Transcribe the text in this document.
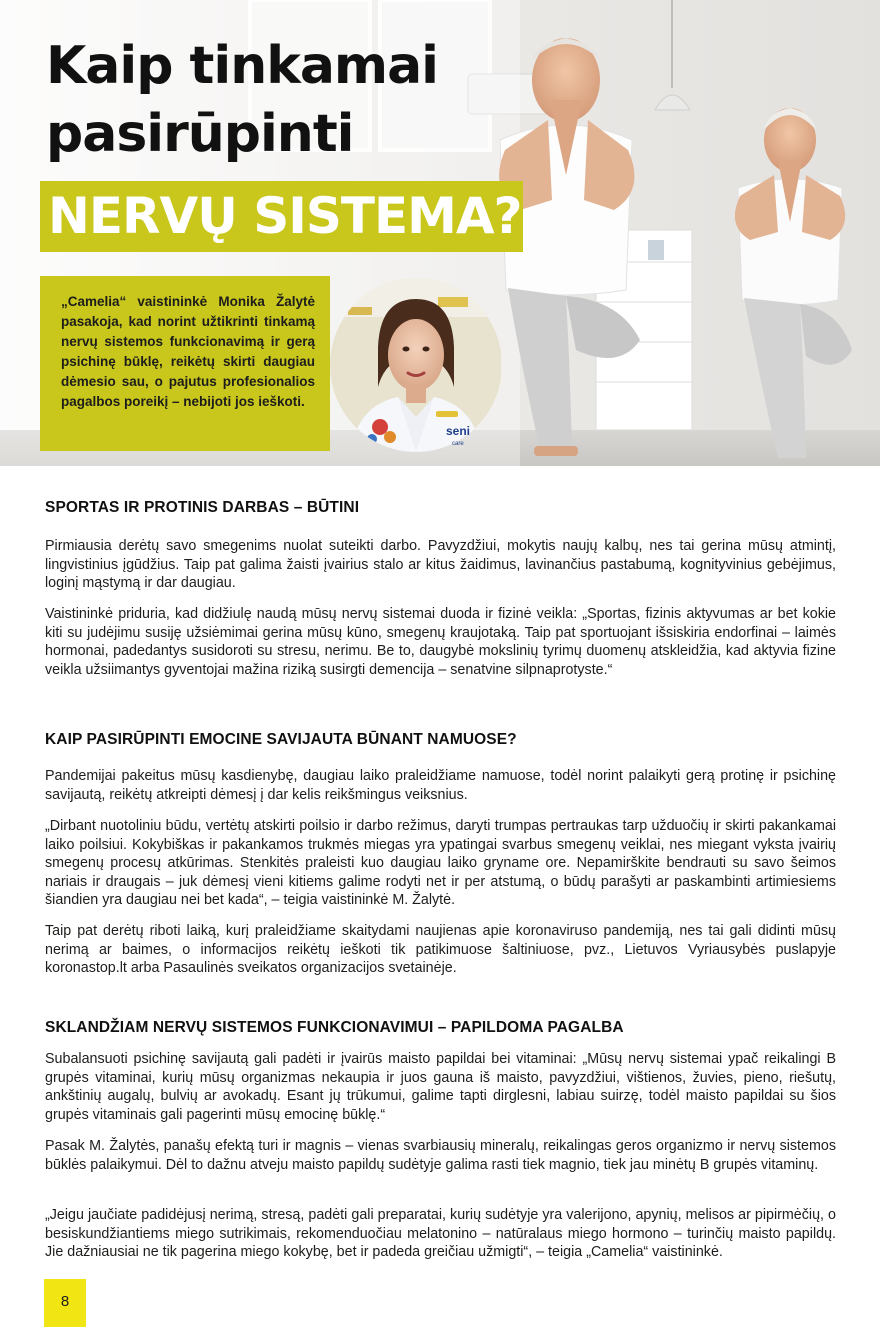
Kaip tinkamai
pasirūpinti
NERVŲ SISTEMA?

„Camelia“ vaistininkė Monika Žalytė pasakoja, kad norint užtikrinti tinkamą nervų sistemos funkcionavimą ir gerą psichinę būklę, reikėtų skirti daugiau dėmesio sau, o pajutus profesionalios pagalbos poreikį – nebijoti jos ieškoti.

seni
care
SPORTAS IR PROTINIS DARBAS – BŪTINI

Pirmiausia derėtų savo smegenims nuolat suteikti darbo. Pavyzdžiui, mokytis naujų kalbų, nes tai gerina mūsų atmintį, lingvistinius įgūdžius. Taip pat galima žaisti įvairius stalo ar kitus žaidimus, lavinančius pastabumą, kognityvinius gebėjimus, loginį mąstymą ir dar daugiau.

Vaistininkė priduria, kad didžiulę naudą mūsų nervų sistemai duoda ir fizinė veikla: „Sportas, fizinis aktyvumas ar bet kokie kiti su judėjimu susiję užsiėmimai gerina mūsų kūno, smegenų kraujotaką. Taip pat sportuojant išsiskiria endorfinai – laimės hormonai, padedantys susidoroti su stresu, nerimu. Be to, daugybė mokslinių tyrimų duomenų atskleidžia, kad aktyvia fizine veikla užsiimantys gyventojai mažina riziką susirgti demencija – senatvine silpnaprotyste.“

KAIP PASIRŪPINTI EMOCINE SAVIJAUTA BŪNANT NAMUOSE?

Pandemijai pakeitus mūsų kasdienybę, daugiau laiko praleidžiame namuose, todėl norint palaikyti gerą protinę ir psichinę savijautą, reikėtų atkreipti dėmesį į dar kelis reikšmingus veiksnius.

„Dirbant nuotoliniu būdu, vertėtų atskirti poilsio ir darbo režimus, daryti trumpas pertraukas tarp užduočių ir skirti pakankamai laiko poilsiui. Kokybiškas ir pakankamos trukmės miegas yra ypatingai svarbus smegenų veiklai, nes miegant vyksta įvairių smegenų procesų atkūrimas. Stenkitės praleisti kuo daugiau laiko gryname ore. Nepamirškite bendrauti su savo šeimos nariais ir draugais – juk dėmesį vieni kitiems galime rodyti net ir per atstumą, o būdų parašyti ar paskambinti artimiesiems šiandien yra daugiau nei bet kada“, – teigia vaistininkė M. Žalytė.

Taip pat derėtų riboti laiką, kurį praleidžiame skaitydami naujienas apie koronaviruso pandemiją, nes tai gali didinti mūsų nerimą ar baimes, o informacijos reikėtų ieškoti tik patikimuose šaltiniuose, pvz., Lietuvos Vyriausybės puslapyje koronastop.lt arba Pasaulinės sveikatos organizacijos svetainėje.

SKLANDŽIAM NERVŲ SISTEMOS FUNKCIONAVIMUI – PAPILDOMA PAGALBA

Subalansuoti psichinę savijautą gali padėti ir įvairūs maisto papildai bei vitaminai: „Mūsų nervų sistemai ypač reikalingi B grupės vitaminai, kurių mūsų organizmas nekaupia ir juos gauna iš maisto, pavyzdžiui, vištienos, žuvies, pieno, riešutų, ankštinių augalų, bulvių ar avokadų. Esant jų trūkumui, galime tapti dirglesni, labiau suirzę, todėl maisto papildai su šios grupės vitaminais gali pagerinti mūsų emocinę būklę.“

Pasak M. Žalytės, panašų efektą turi ir magnis – vienas svarbiausių mineralų, reikalingas geros organizmo ir nervų sistemos būklės palaikymui. Dėl to dažnu atveju maisto papildų sudėtyje galima rasti tiek magnio, tiek jau minėtų B grupės vitaminų.

„Jeigu jaučiate padidėjusį nerimą, stresą, padėti gali preparatai, kurių sudėtyje yra valerijono, apynių, melisos ar pipirmėčių, o besiskundžiantiems miego sutrikimais, rekomenduočiau melatonino – natūralaus miego hormono – turinčių maisto papildų. Jie dažniausiai ne tik pagerina miego kokybę, bet ir padeda greičiau užmigti“, – teigia „Camelia“ vaistininkė.

8
